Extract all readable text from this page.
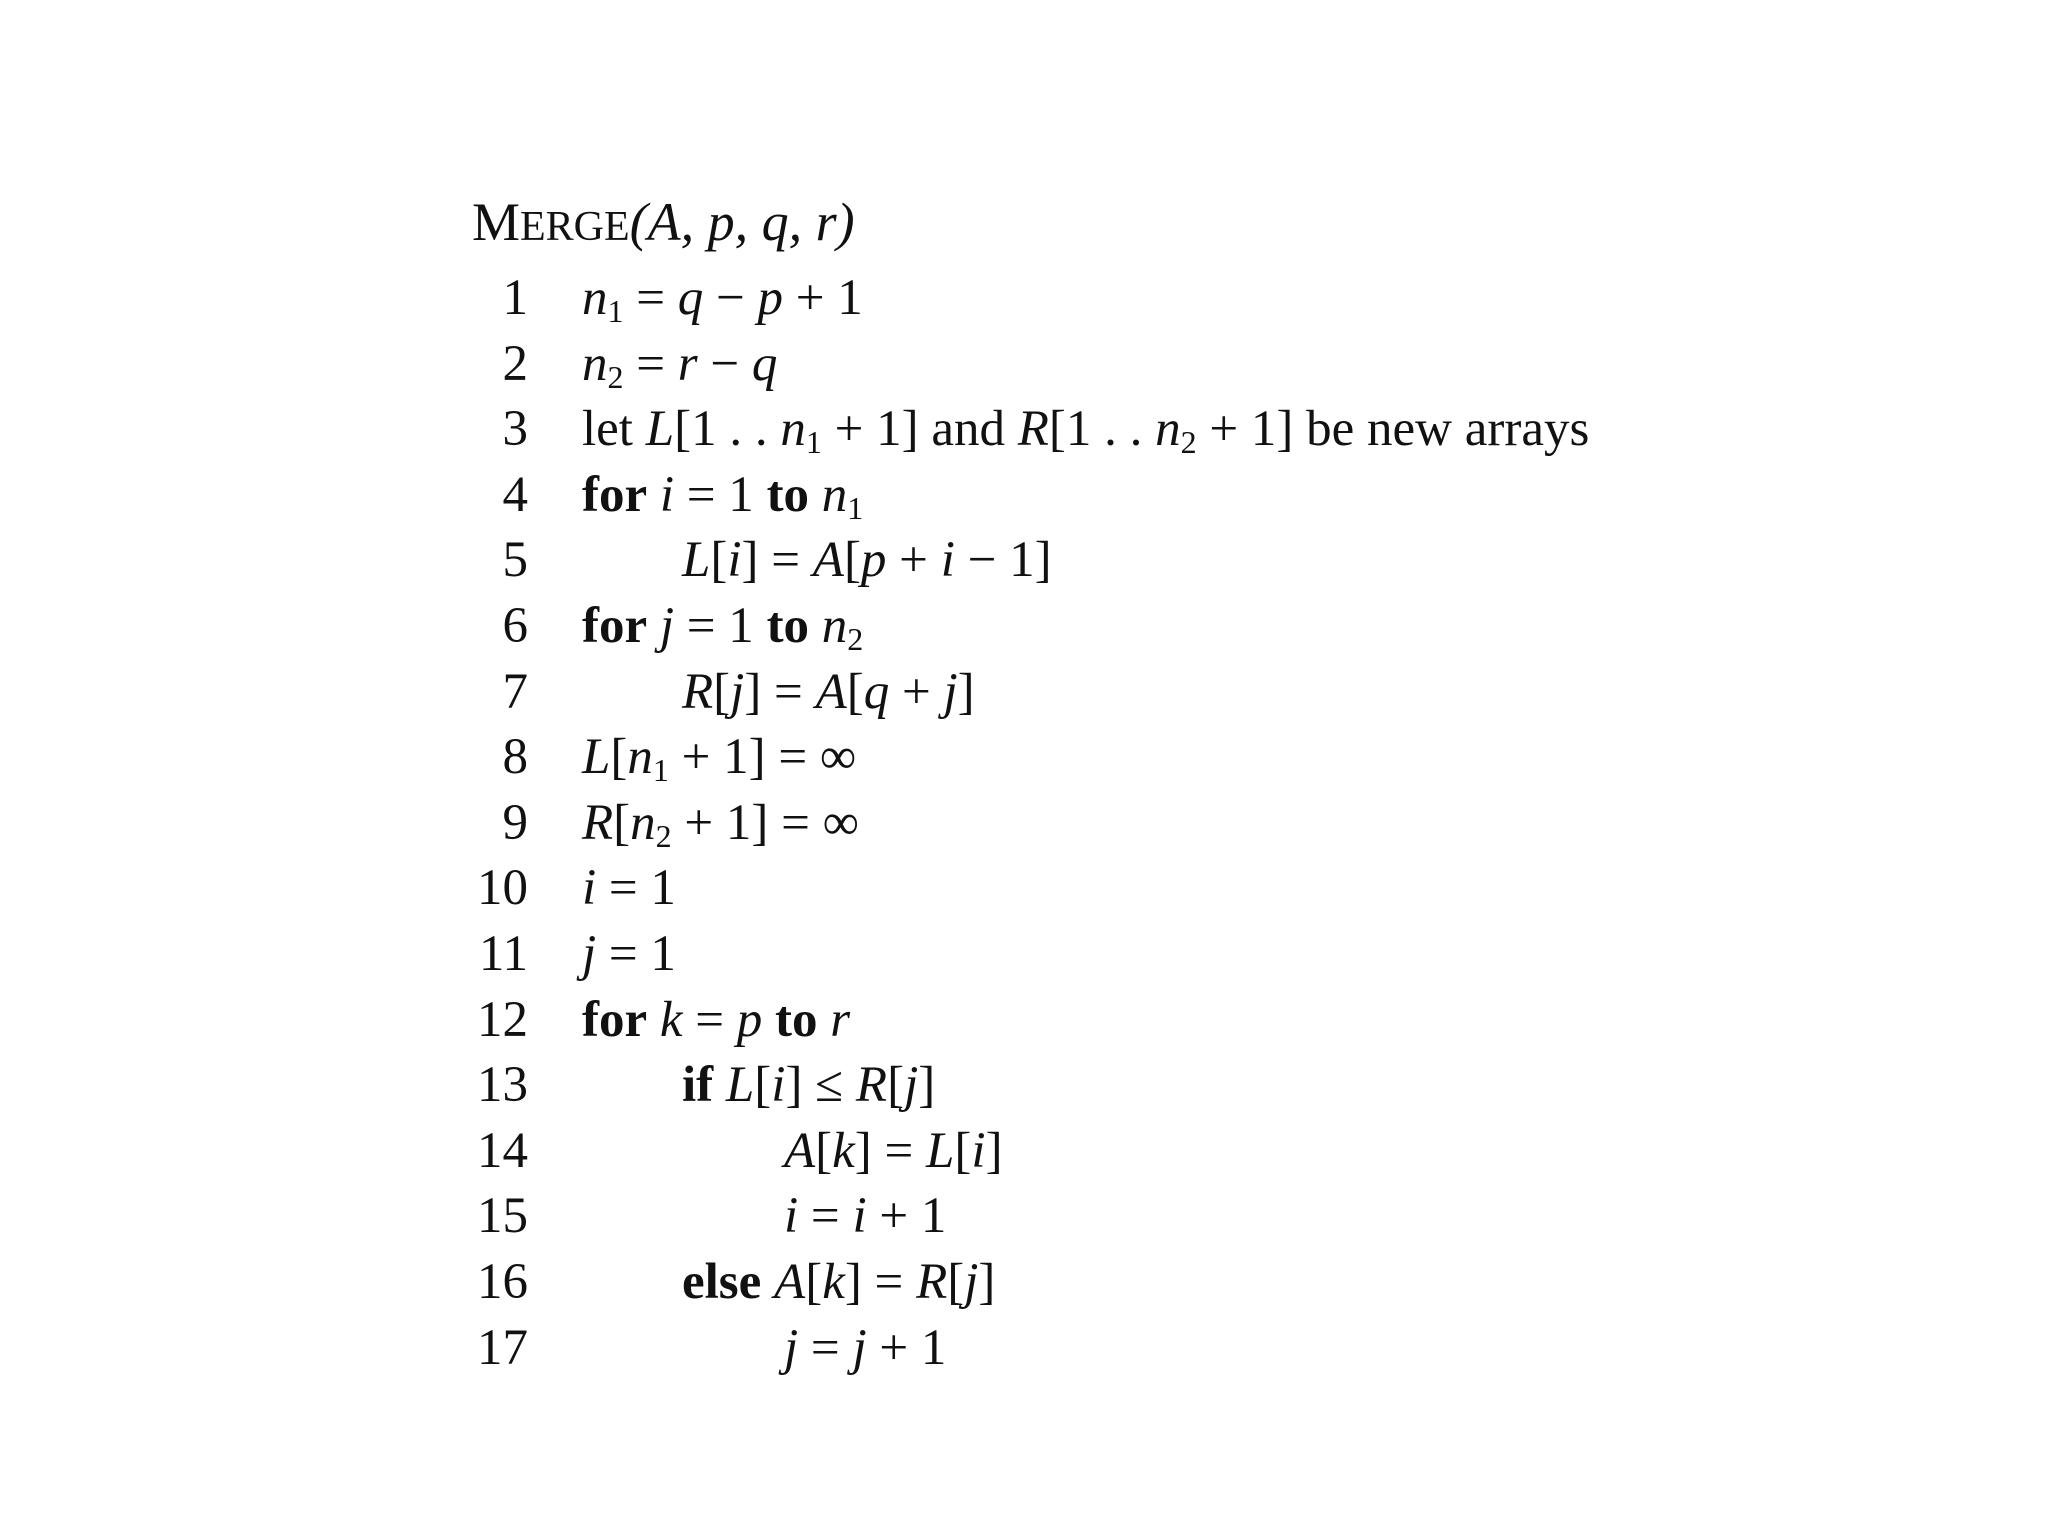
MERGE(A, p, q, r)
1	$n_1 = q - p + 1$
2	$n_2 = r - q$
3	let L[1 . . $n_1 + 1$] and R[1 . . $n_2 + 1$] be new arrays
4	for i = 1 to $n_1$
5	L[i] = A[p + i − 1]
6	for j = 1 to $n_2$
7	R[j] = A[q + j]
8	$L[n_1 + 1]$ = ∞
9	$R[n_2 + 1]$ = ∞
10	i = 1
11	j = 1
12	for k = p to r
13	if L[i] ≤ R[j]
14	A[k] = L[i]
15	i = i + 1
16	else A[k] = R[j]
17	j = j + 1
